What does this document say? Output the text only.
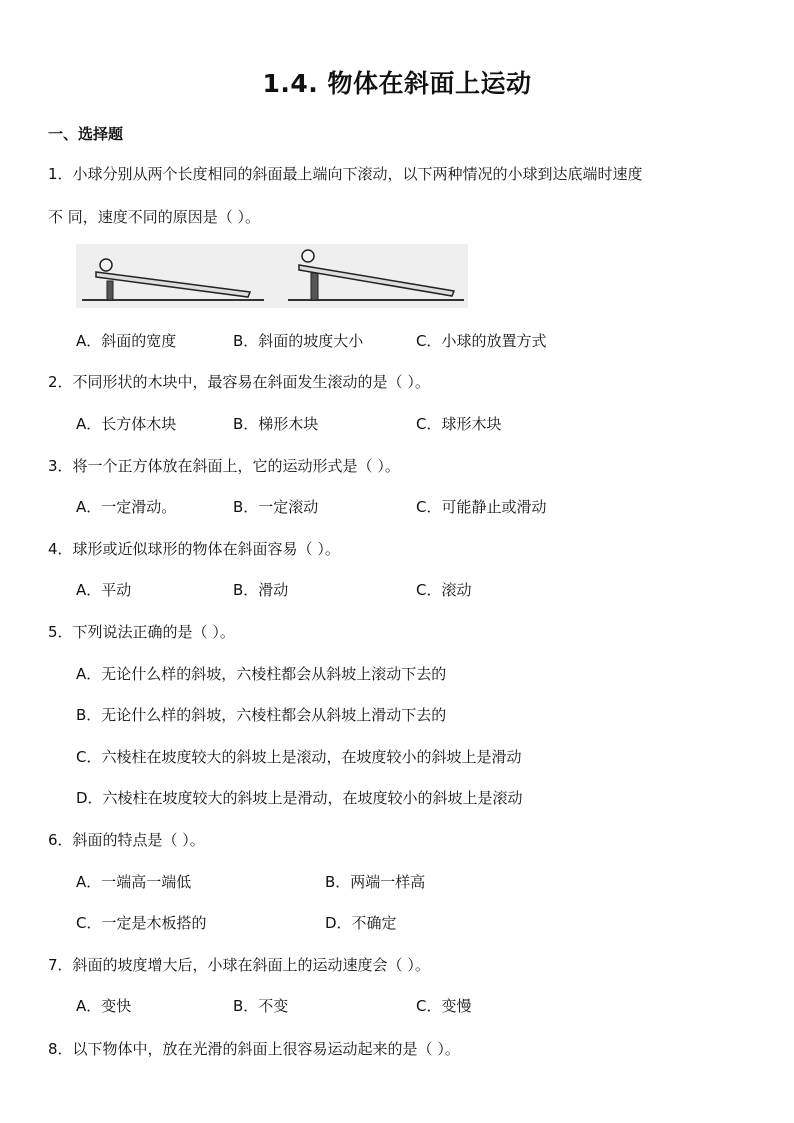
1.4. 物体在斜面上运动
一、选择题
1．小球分别从两个长度相同的斜面最上端向下滚动，以下两种情况的小球到达底端时速度
不 同，速度不同的原因是（ ）。
A．斜面的宽度	B．斜面的坡度大小	C．小球的放置方式
2．不同形状的木块中，最容易在斜面发生滚动的是（ ）。
A．长方体木块	B．梯形木块	C．球形木块
3．将一个正方体放在斜面上，它的运动形式是（ ）。
A．一定滑动。	B．一定滚动	C．可能静止或滑动
4．球形或近似球形的物体在斜面容易（ ）。
A．平动	B．滑动	C．滚动
5．下列说法正确的是（ ）。
A．无论什么样的斜坡，六棱柱都会从斜坡上滚动下去的
B．无论什么样的斜坡，六棱柱都会从斜坡上滑动下去的
C．六棱柱在坡度较大的斜坡上是滚动，在坡度较小的斜坡上是滑动
D．六棱柱在坡度较大的斜坡上是滑动，在坡度较小的斜坡上是滚动
6．斜面的特点是（ ）。
A．一端高一端低	B．两端一样高
C．一定是木板搭的	D．不确定
7．斜面的坡度增大后，小球在斜面上的运动速度会（ ）。
A．变快	B．不变	C．变慢
8．以下物体中，放在光滑的斜面上很容易运动起来的是（ ）。
